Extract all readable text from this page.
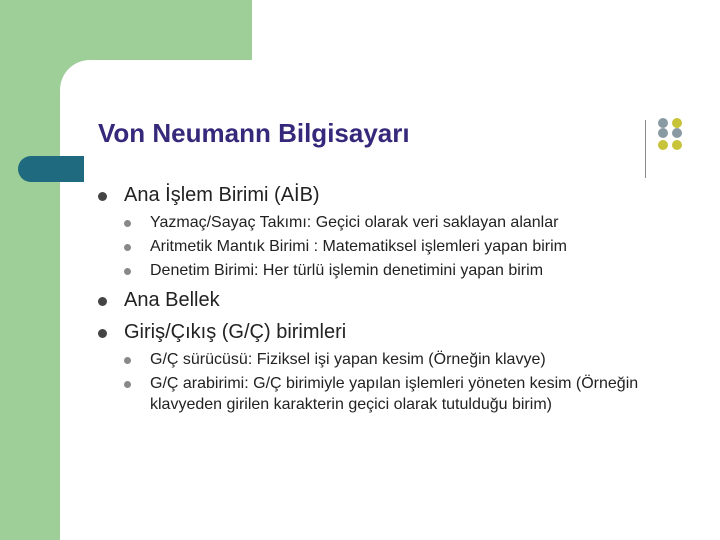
Von Neumann Bilgisayarı
Ana İşlem Birimi (AİB)
Yazmaç/Sayaç Takımı: Geçici olarak veri saklayan alanlar
Aritmetik Mantık Birimi : Matematiksel işlemleri yapan birim
Denetim Birimi: Her türlü işlemin denetimini yapan birim
Ana Bellek
Giriş/Çıkış (G/Ç) birimleri
G/Ç sürücüsü: Fiziksel işi yapan kesim (Örneğin klavye)
G/Ç arabirimi: G/Ç birimiyle yapılan işlemleri yöneten kesim (Örneğin klavyeden girilen karakterin geçici olarak tutulduğu birim)
